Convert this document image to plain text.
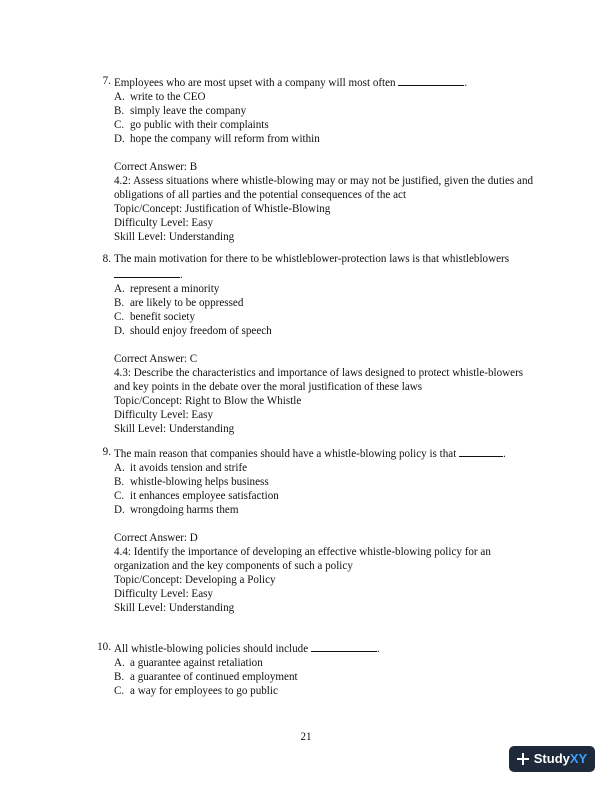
7. Employees who are most upset with a company will most often	.
A. write to the CEO
B. simply leave the company
C. go public with their complaints
D. hope the company will reform from within
Correct Answer: B
4.2: Assess situations where whistle-blowing may or may not be justified, given the duties and obligations of all parties and the potential consequences of the act
Topic/Concept: Justification of Whistle-Blowing
Difficulty Level: Easy
Skill Level: Understanding
8. The main motivation for there to be whistleblower-protection laws is that whistleblowers .
A. represent a minority
B. are likely to be oppressed
C. benefit society
D. should enjoy freedom of speech
Correct Answer: C
4.3: Describe the characteristics and importance of laws designed to protect whistle-blowers and key points in the debate over the moral justification of these laws
Topic/Concept: Right to Blow the Whistle
Difficulty Level: Easy
Skill Level: Understanding
9. The main reason that companies should have a whistle-blowing policy is that	.
A. it avoids tension and strife
B. whistle-blowing helps business
C. it enhances employee satisfaction
D. wrongdoing harms them
Correct Answer: D
4.4: Identify the importance of developing an effective whistle-blowing policy for an organization and the key components of such a policy
Topic/Concept: Developing a Policy
Difficulty Level: Easy
Skill Level: Understanding
10. All whistle-blowing policies should include	.
A. a guarantee against retaliation
B. a guarantee of continued employment
C. a way for employees to go public
21
Study XY
